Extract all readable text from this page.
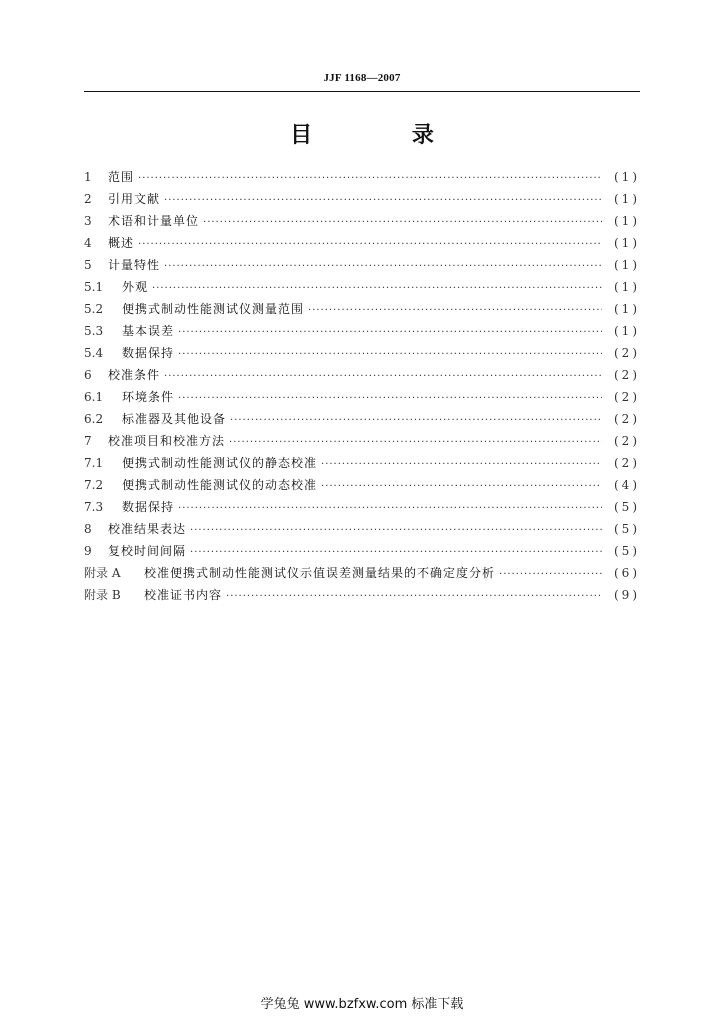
JJF 1168—2007
目 录
1	范围 ·····	(1)
2	引用文献 ·····	(1)
3	术语和计量单位 ·····	(1)
4	概述 ·····	(1)
5	计量特性 ·····	(1)
5.1	外观 ·····	(1)
5.2	便携式制动性能测试仪测量范围 ·····	(1)
5.3	基本误差 ·····	(1)
5.4	数据保持 ·····	(2)
6	校准条件 ·····	(2)
6.1	环境条件 ·····	(2)
6.2	标准器及其他设备 ·····	(2)
7	校准项目和校准方法 ·····	(2)
7.1	便携式制动性能测试仪的静态校准 ·····	(2)
7.2	便携式制动性能测试仪的动态校准 ·····	(4)
7.3	数据保持 ·····	(5)
8	校准结果表达 ·····	(5)
9	复校时间间隔 ·····	(5)
附录 A	校准便携式制动性能测试仪示值误差测量结果的不确定度分析 ·····	(6)
附录 B	校准证书内容 ·····	(9)
学兔兔 www.bzfxw.com 标准下载
